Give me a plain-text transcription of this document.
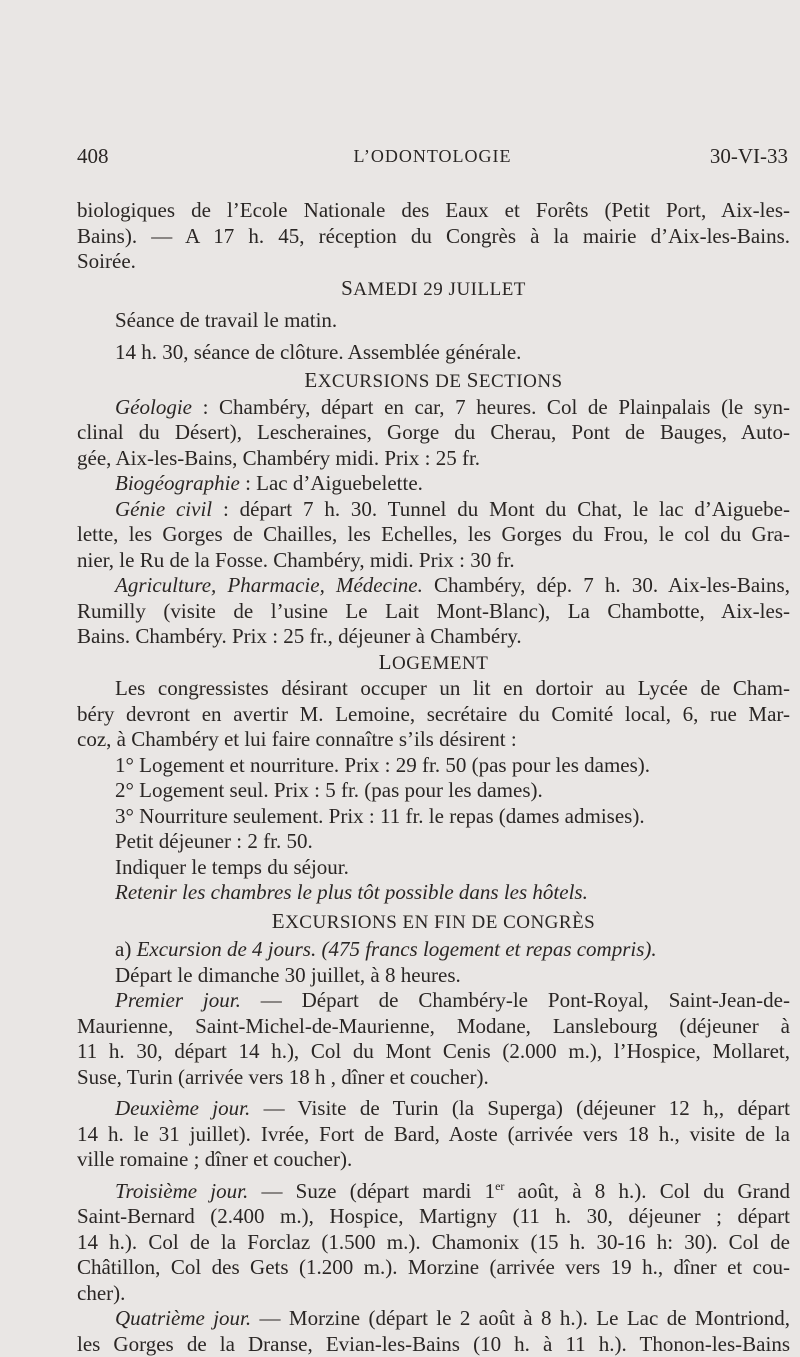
408	L’ODONTOLOGIE	30-VI-33
biologiques de l’Ecole Nationale des Eaux et Forêts (Petit Port, Aix-les-
Bains). — A 17 h. 45, réception du Congrès à la mairie d’Aix-les-Bains.
Soirée.
SAMEDI 29 JUILLET
Séance de travail le matin.
14 h. 30, séance de clôture. Assemblée générale.
EXCURSIONS DE SECTIONS
Géologie : Chambéry, départ en car, 7 heures. Col de Plainpalais (le syn-
clinal du Désert), Lescheraines, Gorge du Cherau, Pont de Bauges, Auto-
gée, Aix-les-Bains, Chambéry midi. Prix : 25 fr.
Biogéographie : Lac d’Aiguebelette.
Génie civil : départ 7 h. 30. Tunnel du Mont du Chat, le lac d’Aiguebe-
lette, les Gorges de Chailles, les Echelles, les Gorges du Frou, le col du Gra-
nier, le Ru de la Fosse. Chambéry, midi. Prix : 30 fr.
Agriculture, Pharmacie, Médecine. Chambéry, dép. 7 h. 30. Aix-les-Bains,
Rumilly (visite de l’usine Le Lait Mont-Blanc), La Chambotte, Aix-les-
Bains. Chambéry. Prix : 25 fr., déjeuner à Chambéry.
LOGEMENT
Les congressistes désirant occuper un lit en dortoir au Lycée de Cham-
béry devront en avertir M. Lemoine, secrétaire du Comité local, 6, rue Mar-
coz, à Chambéry et lui faire connaître s’ils désirent :
1° Logement et nourriture. Prix : 29 fr. 50 (pas pour les dames).
2° Logement seul. Prix : 5 fr. (pas pour les dames).
3° Nourriture seulement. Prix : 11 fr. le repas (dames admises).
Petit déjeuner : 2 fr. 50.
Indiquer le temps du séjour.
Retenir les chambres le plus tôt possible dans les hôtels.
EXCURSIONS EN FIN DE CONGRÈS
a) Excursion de 4 jours. (475 francs logement et repas compris).
Départ le dimanche 30 juillet, à 8 heures.
Premier jour. — Départ de Chambéry-le Pont-Royal, Saint-Jean-de-
Maurienne, Saint-Michel-de-Maurienne, Modane, Lanslebourg (déjeuner à
11 h. 30, départ 14 h.), Col du Mont Cenis (2.000 m.), l’Hospice, Mollaret,
Suse, Turin (arrivée vers 18 h , dîner et coucher).
Deuxième jour. — Visite de Turin (la Superga) (déjeuner 12 h,, départ
14 h. le 31 juillet). Ivrée, Fort de Bard, Aoste (arrivée vers 18 h., visite de la
ville romaine ; dîner et coucher).
Troisième jour. — Suze (départ mardi 1er août, à 8 h.). Col du Grand
Saint-Bernard (2.400 m.), Hospice, Martigny (11 h. 30, déjeuner ; départ
14 h.). Col de la Forclaz (1.500 m.). Chamonix (15 h. 30-16 h: 30). Col de
Châtillon, Col des Gets (1.200 m.). Morzine (arrivée vers 19 h., dîner et cou-
cher).
Quatrième jour. — Morzine (départ le 2 août à 8 h.). Le Lac de Montriond,
les Gorges de la Dranse, Evian-les-Bains (10 h. à 11 h.). Thonon-les-Bains
